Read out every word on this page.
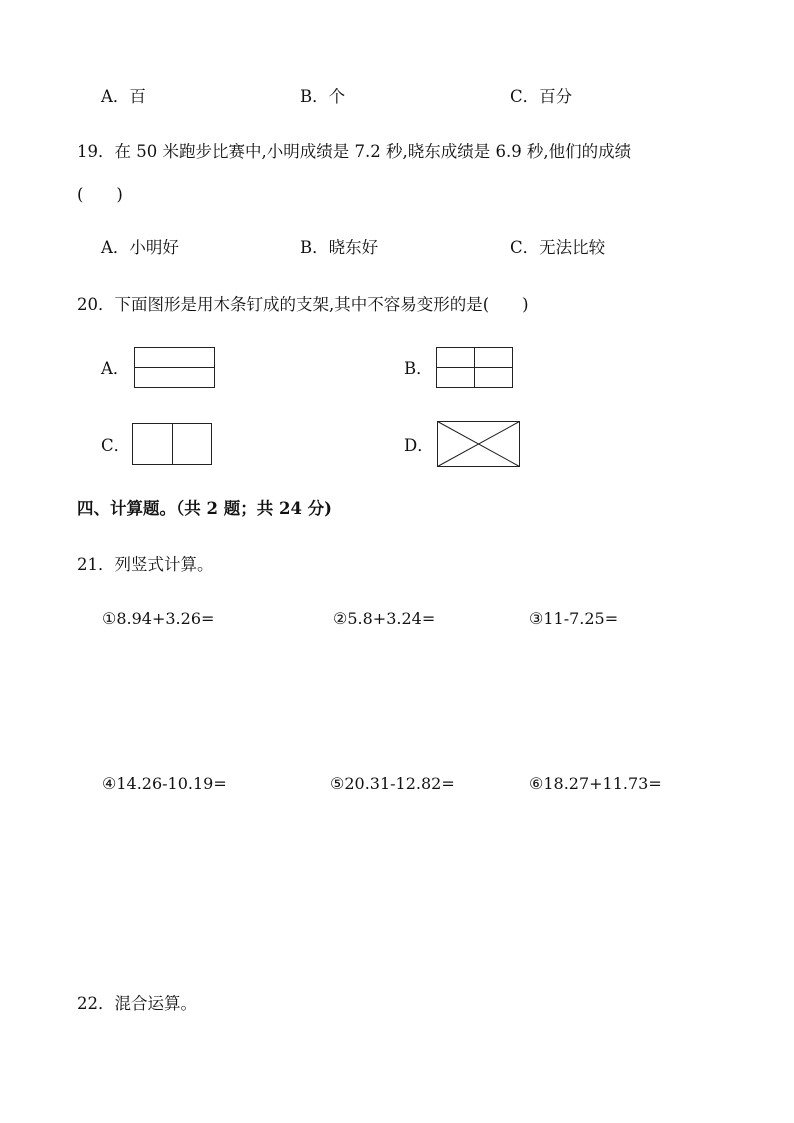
A．百	B．个	C．百分
19．在 50 米跑步比赛中,小明成绩是 7.2 秒,晓东成绩是 6.9 秒,他们的成绩
(　　)
A．小明好	B．晓东好	C．无法比较
20．下面图形是用木条钉成的支架,其中不容易变形的是(　　)
A．	B．
C．	D．
四、计算题。（共 2 题；共 24 分)
21．列竖式计算。
①8.94+3.26=	②5.8+3.24=	③11-7.25=
④14.26-10.19=	⑤20.31-12.82=	⑥18.27+11.73=
22．混合运算。
